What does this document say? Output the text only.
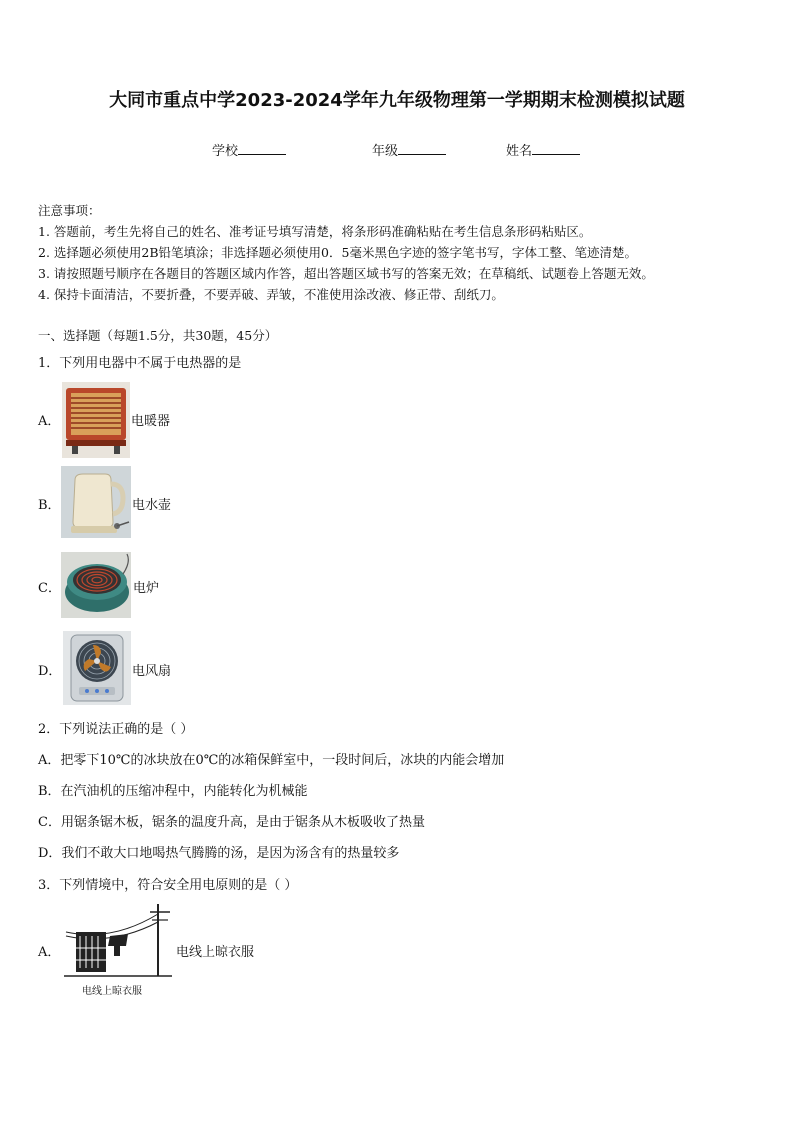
大同市重点中学2023-2024学年九年级物理第一学期期末检测模拟试题
学校	年级	姓名
注意事项：
1. 答题前，考生先将自己的姓名、准考证号填写清楚，将条形码准确粘贴在考生信息条形码粘贴区。
2. 选择题必须使用2B铅笔填涂；非选择题必须使用0．5毫米黑色字迹的签字笔书写，字体工整、笔迹清楚。
3. 请按照题号顺序在各题目的答题区域内作答，超出答题区域书写的答案无效；在草稿纸、试题卷上答题无效。
4. 保持卡面清洁，不要折叠，不要弄破、弄皱，不准使用涂改液、修正带、刮纸刀。
一、选择题（每题1.5分，共30题，45分）
1．下列用电器中不属于电热器的是
A．	电暖器
B．	电水壶
C．	电炉
D．	电风扇
2．下列说法正确的是（ ）
A．把零下10℃的冰块放在0℃的冰箱保鲜室中，一段时间后，冰块的内能会增加
B．在汽油机的压缩冲程中，内能转化为机械能
C．用锯条锯木板，锯条的温度升高，是由于锯条从木板吸收了热量
D．我们不敢大口地喝热气腾腾的汤，是因为汤含有的热量较多
3．下列情境中，符合安全用电原则的是（ ）
A．
电线上晾衣服
电线上晾衣服
